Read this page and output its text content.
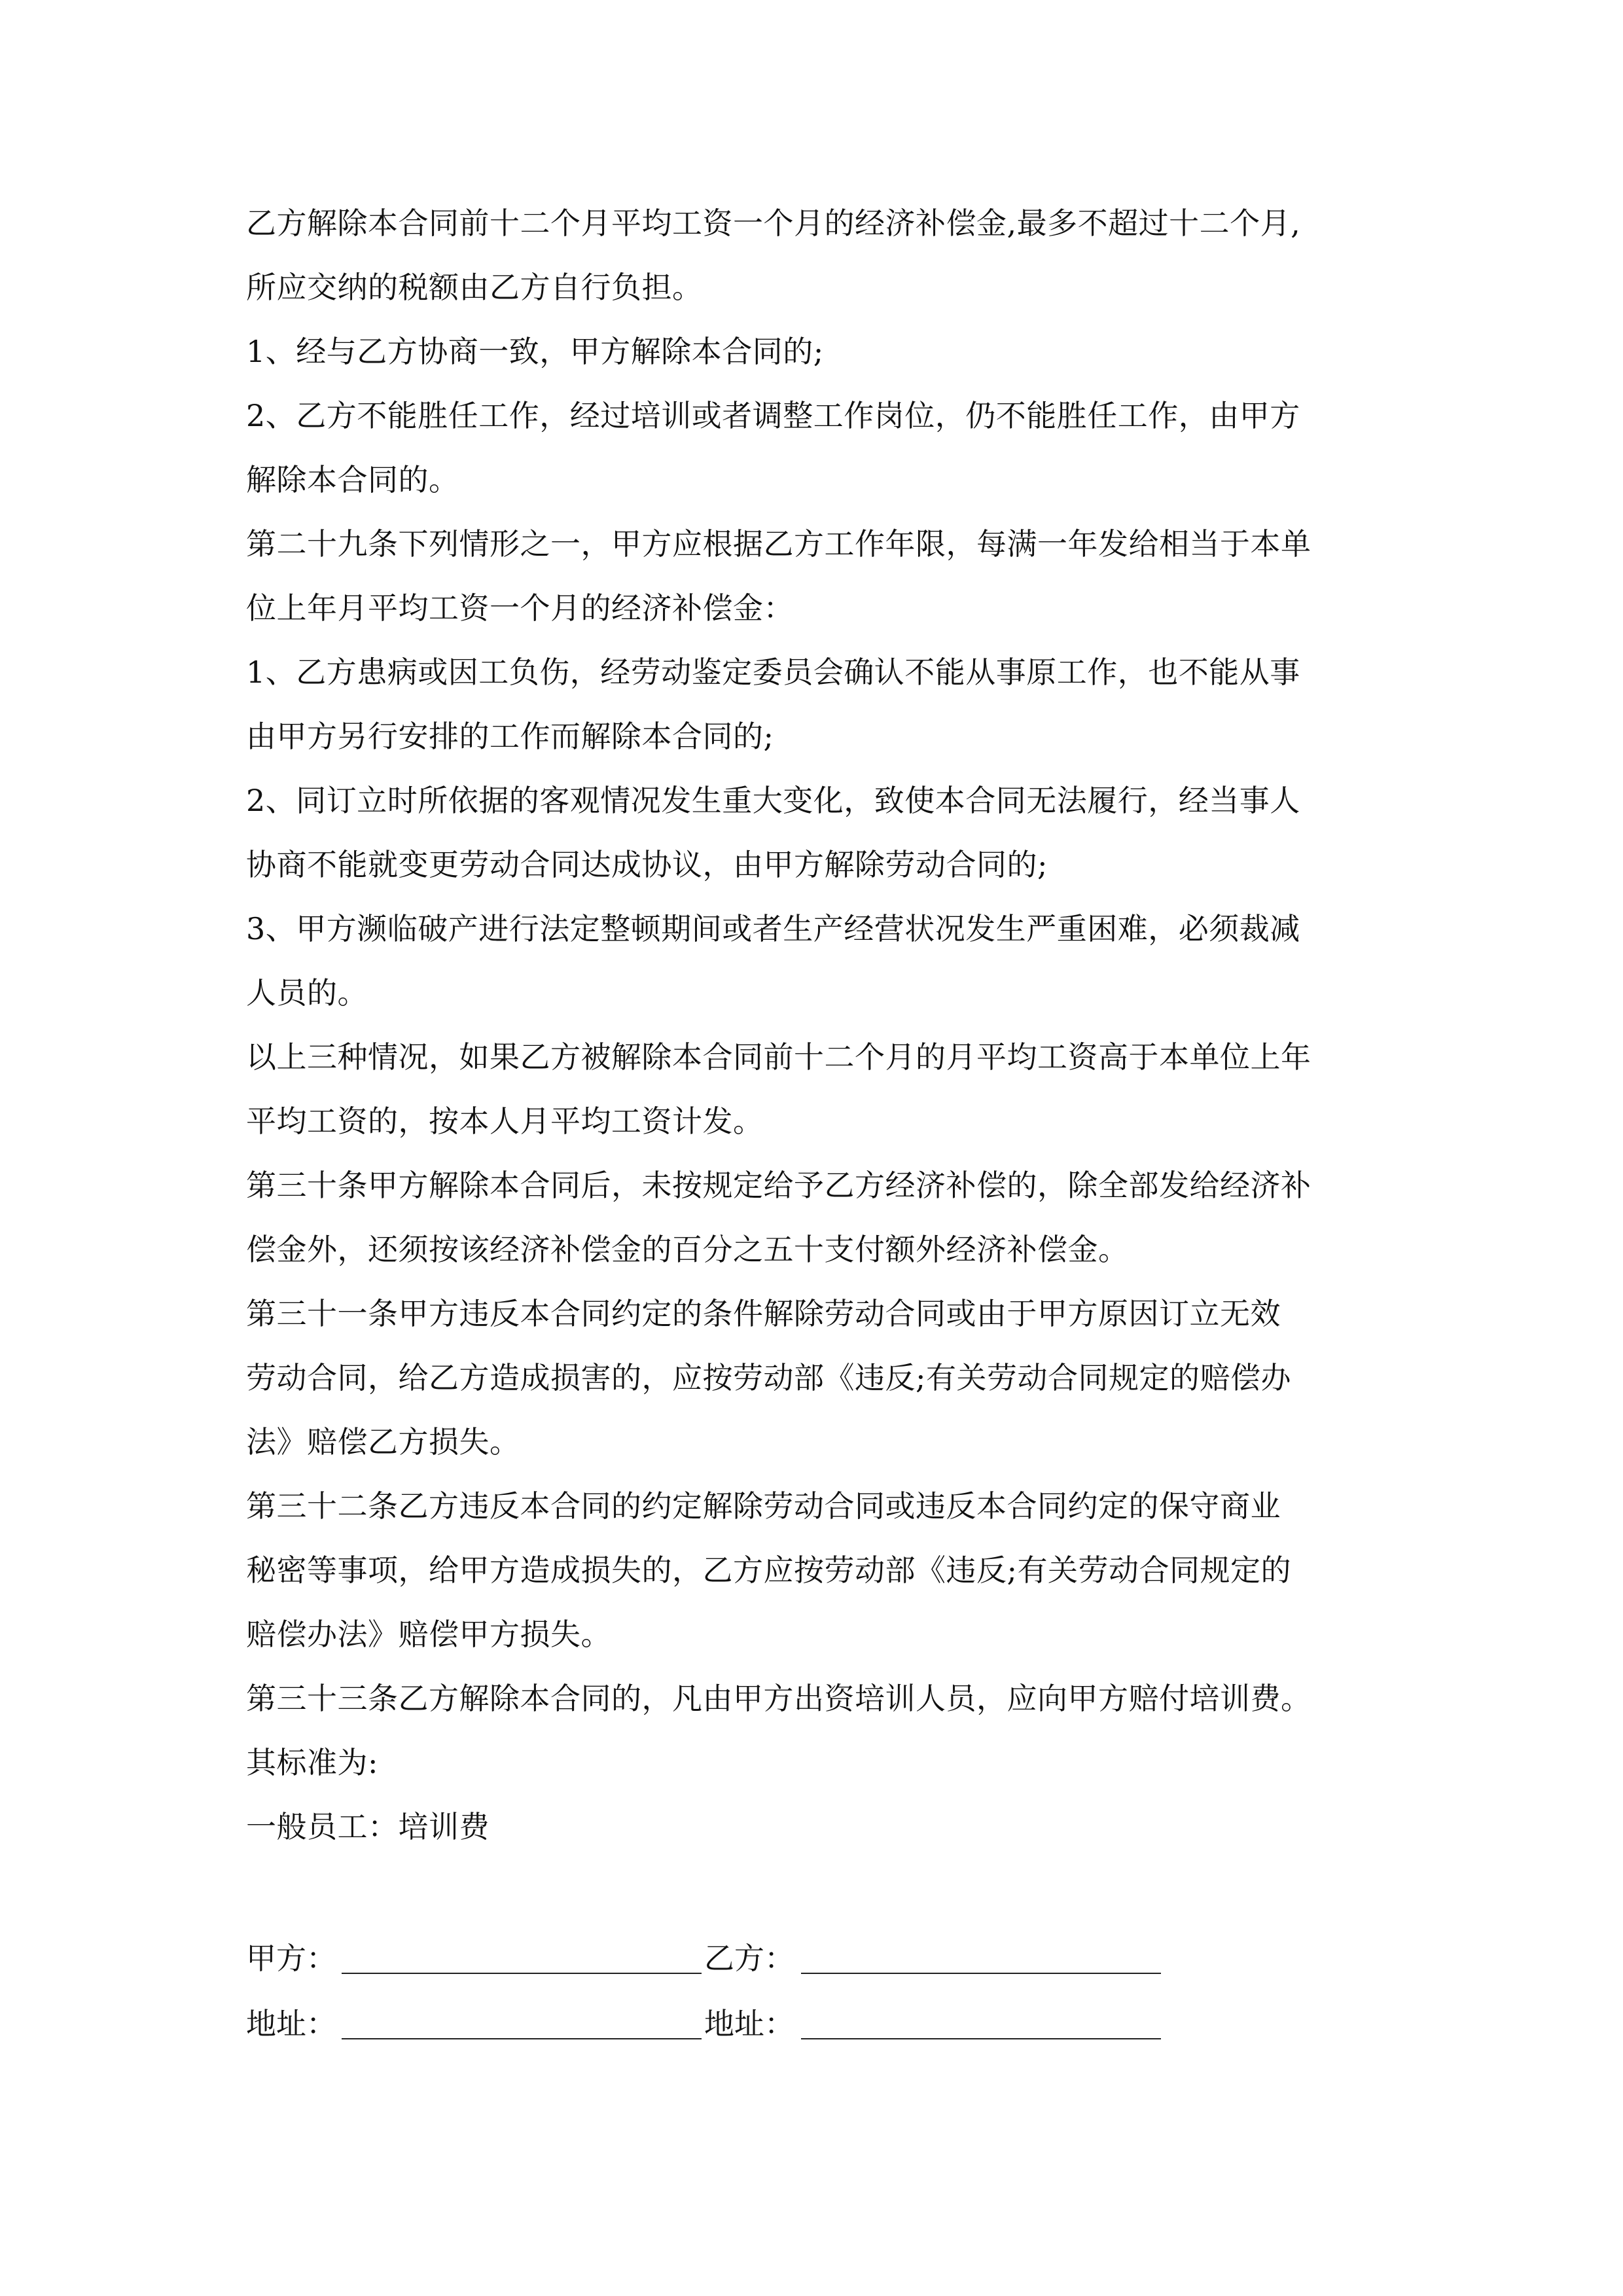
乙方解除本合同前十二个月平均工资一个月的经济补偿金,最多不超过十二个月,
所应交纳的税额由乙方自行负担。
1、经与乙方协商一致，甲方解除本合同的;
2、乙方不能胜任工作，经过培训或者调整工作岗位，仍不能胜任工作，由甲方
解除本合同的。
第二十九条下列情形之一，甲方应根据乙方工作年限，每满一年发给相当于本单
位上年月平均工资一个月的经济补偿金：
1、乙方患病或因工负伤，经劳动鉴定委员会确认不能从事原工作，也不能从事
由甲方另行安排的工作而解除本合同的;
2、同订立时所依据的客观情况发生重大变化，致使本合同无法履行，经当事人
协商不能就变更劳动合同达成协议，由甲方解除劳动合同的;
3、甲方濒临破产进行法定整顿期间或者生产经营状况发生严重困难，必须裁减
人员的。
以上三种情况，如果乙方被解除本合同前十二个月的月平均工资高于本单位上年
平均工资的，按本人月平均工资计发。
第三十条甲方解除本合同后，未按规定给予乙方经济补偿的，除全部发给经济补
偿金外，还须按该经济补偿金的百分之五十支付额外经济补偿金。
第三十一条甲方违反本合同约定的条件解除劳动合同或由于甲方原因订立无效
劳动合同，给乙方造成损害的，应按劳动部《违反;有关劳动合同规定的赔偿办
法》赔偿乙方损失。
第三十二条乙方违反本合同的约定解除劳动合同或违反本合同约定的保守商业
秘密等事项，给甲方造成损失的，乙方应按劳动部《违反;有关劳动合同规定的
赔偿办法》赔偿甲方损失。
第三十三条乙方解除本合同的，凡由甲方出资培训人员，应向甲方赔付培训费。
其标准为:
一般员工：培训费
甲方：	乙方：
地址：	地址：
